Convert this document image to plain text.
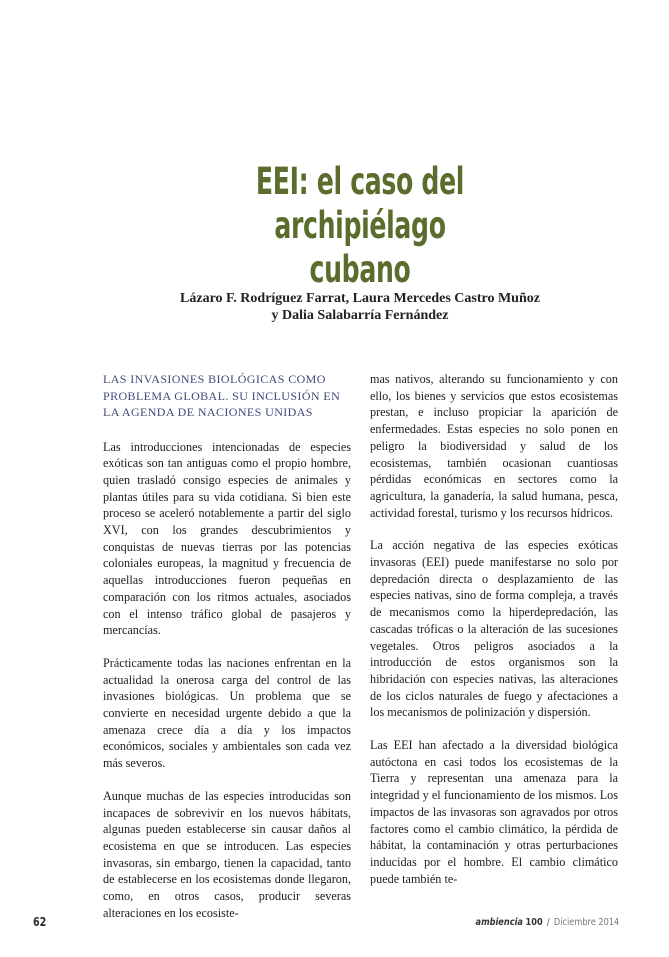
EEI: el caso del archipiélago
cubano
Lázaro F. Rodríguez Farrat, Laura Mercedes Castro Muñoz
y Dalia Salabarría Fernández
LAS INVASIONES BIOLÓGICAS COMO PROBLEMA GLOBAL. SU INCLUSIÓN EN LA AGENDA DE NACIONES UNIDAS

Las introducciones intencionadas de especies exóticas son tan antiguas como el propio hombre, quien trasladó consigo especies de animales y plantas útiles para su vida cotidiana. Si bien este proceso se aceleró notablemente a partir del siglo XVI, con los grandes descubrimientos y conquistas de nuevas tierras por las potencias coloniales europeas, la magnitud y frecuencia de aquellas introducciones fueron pequeñas en comparación con los ritmos actuales, asociados con el intenso tráfico global de pasajeros y mercancías.

Prácticamente todas las naciones enfrentan en la actualidad la onerosa carga del control de las invasiones biológicas. Un problema que se convierte en necesidad urgente debido a que la amenaza crece día a día y los impactos económicos, sociales y ambientales son cada vez más severos.

Aunque muchas de las especies introducidas son incapaces de sobrevivir en los nuevos hábitats, algunas pueden establecerse sin causar daños al ecosistema en que se introducen. Las especies invasoras, sin embargo, tienen la capacidad, tanto de establecerse en los ecosistemas donde llegaron, como, en otros casos, producir severas alteraciones en los ecosiste-

mas nativos, alterando su funcionamiento y con ello, los bienes y servicios que estos ecosistemas prestan, e incluso propiciar la aparición de enfermedades. Estas especies no solo ponen en peligro la biodiversidad y salud de los ecosistemas, también ocasionan cuantiosas pérdidas económicas en sectores como la agricultura, la ganadería, la salud humana, pesca, actividad forestal, turismo y los recursos hídricos.

La acción negativa de las especies exóticas invasoras (EEI) puede manifestarse no solo por depredación directa o desplazamiento de las especies nativas, sino de forma compleja, a través de mecanismos como la hiperdepredación, las cascadas tróficas o la alteración de las sucesiones vegetales. Otros peligros asociados a la introducción de estos organismos son la hibridación con especies nativas, las alteraciones de los ciclos naturales de fuego y afectaciones a los mecanismos de polinización y dispersión.

Las EEI han afectado a la diversidad biológica autóctona en casi todos los ecosistemas de la Tierra y representan una amenaza para la integridad y el funcionamiento de los mismos. Los impactos de las invasoras son agravados por otros factores como el cambio climático, la pérdida de hábitat, la contaminación y otras perturbaciones inducidas por el hombre. El cambio climático puede también te-

62	ambiencia 100 / Diciembre 2014
